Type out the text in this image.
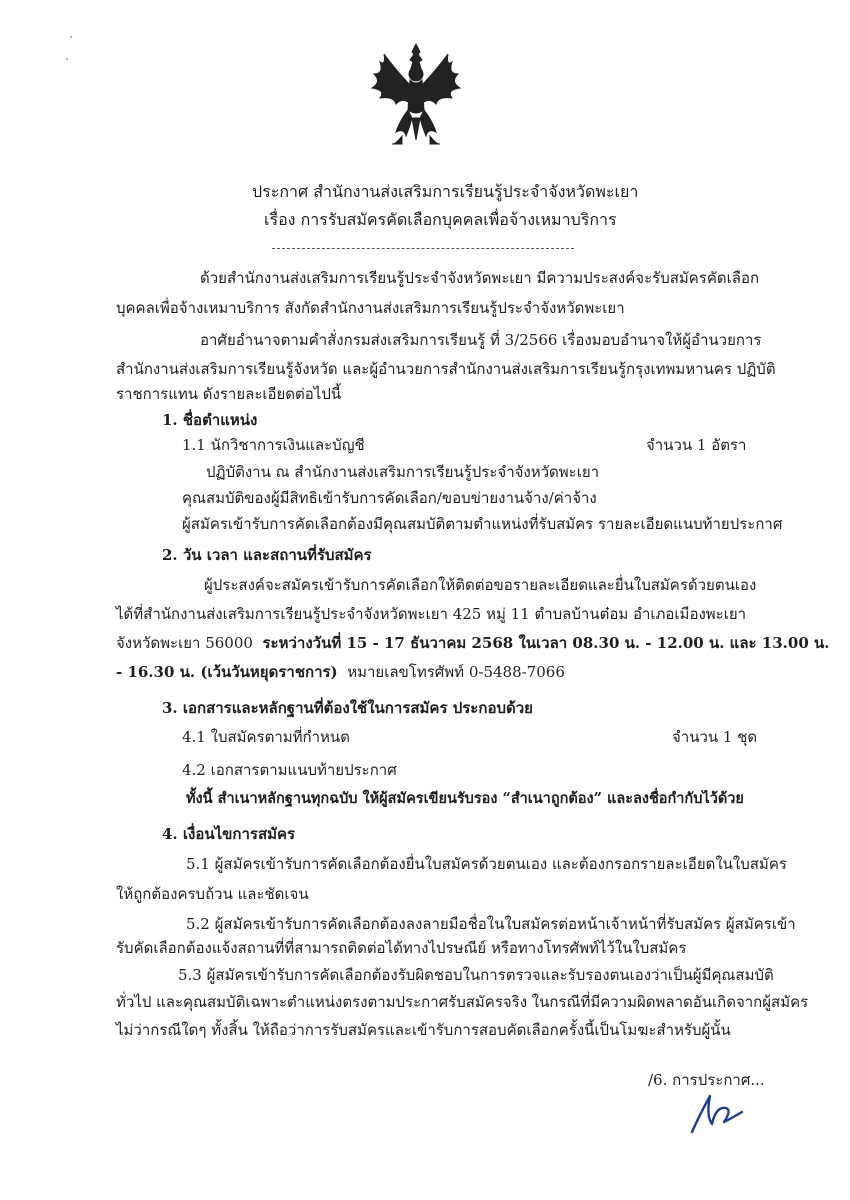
ประกาศ สำนักงานส่งเสริมการเรียนรู้ประจำจังหวัดพะเยา
เรื่อง การรับสมัครคัดเลือกบุคคลเพื่อจ้างเหมาบริการ
ด้วยสำนักงานส่งเสริมการเรียนรู้ประจำจังหวัดพะเยา มีความประสงค์จะรับสมัครคัดเลือก
บุคคลเพื่อจ้างเหมาบริการ สังกัดสำนักงานส่งเสริมการเรียนรู้ประจำจังหวัดพะเยา
อาศัยอำนาจตามคำสั่งกรมส่งเสริมการเรียนรู้ ที่ 3/2566 เรื่องมอบอำนาจให้ผู้อำนวยการ
สำนักงานส่งเสริมการเรียนรู้จังหวัด และผู้อำนวยการสำนักงานส่งเสริมการเรียนรู้กรุงเทพมหานคร ปฏิบัติ
ราชการแทน ดังรายละเอียดต่อไปนี้
1. ชื่อตำแหน่ง
1.1 นักวิชาการเงินและบัญชี	จำนวน 1 อัตรา
ปฏิบัติงาน ณ สำนักงานส่งเสริมการเรียนรู้ประจำจังหวัดพะเยา
คุณสมบัติของผู้มีสิทธิเข้ารับการคัดเลือก/ขอบข่ายงานจ้าง/ค่าจ้าง
ผู้สมัครเข้ารับการคัดเลือกต้องมีคุณสมบัติตามตำแหน่งที่รับสมัคร รายละเอียดแนบท้ายประกาศ
2. วัน เวลา และสถานที่รับสมัคร
ผู้ประสงค์จะสมัครเข้ารับการคัดเลือกให้ติดต่อขอรายละเอียดและยื่นใบสมัครด้วยตนเอง
ได้ที่สำนักงานส่งเสริมการเรียนรู้ประจำจังหวัดพะเยา 425 หมู่ 11 ตำบลบ้านต๋อม อำเภอเมืองพะเยา
จังหวัดพะเยา 56000 ระหว่างวันที่ 15 - 17 ธันวาคม 2568 ในเวลา 08.30 น. - 12.00 น. และ 13.00 น.
- 16.30 น. (เว้นวันหยุดราชการ) หมายเลขโทรศัพท์ 0-5488-7066
3. เอกสารและหลักฐานที่ต้องใช้ในการสมัคร ประกอบด้วย
4.1 ใบสมัครตามที่กำหนด	จำนวน 1 ชุด
4.2 เอกสารตามแนบท้ายประกาศ
ทั้งนี้ สำเนาหลักฐานทุกฉบับ ให้ผู้สมัครเขียนรับรอง “สำเนาถูกต้อง” และลงชื่อกำกับไว้ด้วย
4. เงื่อนไขการสมัคร
5.1 ผู้สมัครเข้ารับการคัดเลือกต้องยื่นใบสมัครด้วยตนเอง และต้องกรอกรายละเอียดในใบสมัคร
ให้ถูกต้องครบถ้วน และชัดเจน
5.2 ผู้สมัครเข้ารับการคัดเลือกต้องลงลายมือชื่อในใบสมัครต่อหน้าเจ้าหน้าที่รับสมัคร ผู้สมัครเข้า
รับคัดเลือกต้องแจ้งสถานที่ที่สามารถติดต่อได้ทางไปรษณีย์ หรือทางโทรศัพท์ไว้ในใบสมัคร
5.3 ผู้สมัครเข้ารับการคัดเลือกต้องรับผิดชอบในการตรวจและรับรองตนเองว่าเป็นผู้มีคุณสมบัติ
ทั่วไป และคุณสมบัติเฉพาะตำแหน่งตรงตามประกาศรับสมัครจริง ในกรณีที่มีความผิดพลาดอันเกิดจากผู้สมัคร
ไม่ว่ากรณีใดๆ ทั้งสิ้น ให้ถือว่าการรับสมัครและเข้ารับการสอบคัดเลือกครั้งนี้เป็นโมฆะสำหรับผู้นั้น
/6. การประกาศ...
